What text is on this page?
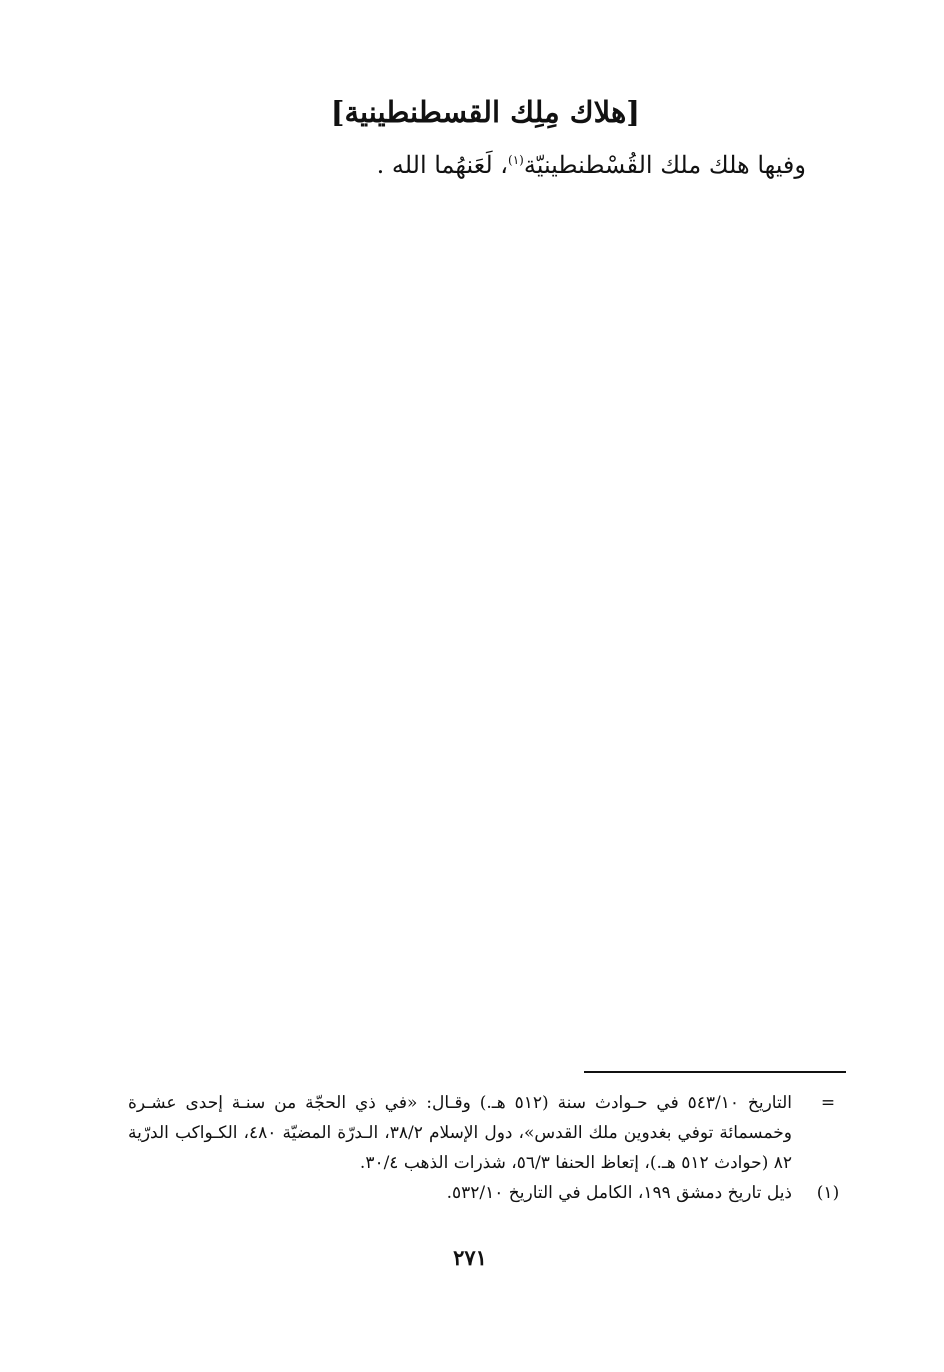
[هلاك مِلِك القسطنطينية]
وفيها هلك ملك القُسْطنطينيّة$^{(١)}$، لَعَنهُما الله .
=
التاريخ ٥٤٣/١٠ في حـوادث سنة (٥١٢ هـ.) وقـال: «في ذي الحجّة من سنـة إحدى عشـرة وخمسمائة توفي بغدوين ملك القدس»، دول الإسلام ٣٨/٢، الـدرّة المضيّة ٤٨٠، الكـواكب الدرّية ٨٢ (حوادث ٥١٢ هـ.)، إتعاظ الحنفا ٥٦/٣، شذرات الذهب ٣٠/٤.
(١)
ذيل تاريخ دمشق ١٩٩، الكامل في التاريخ ٥٣٢/١٠.
٢٧١
